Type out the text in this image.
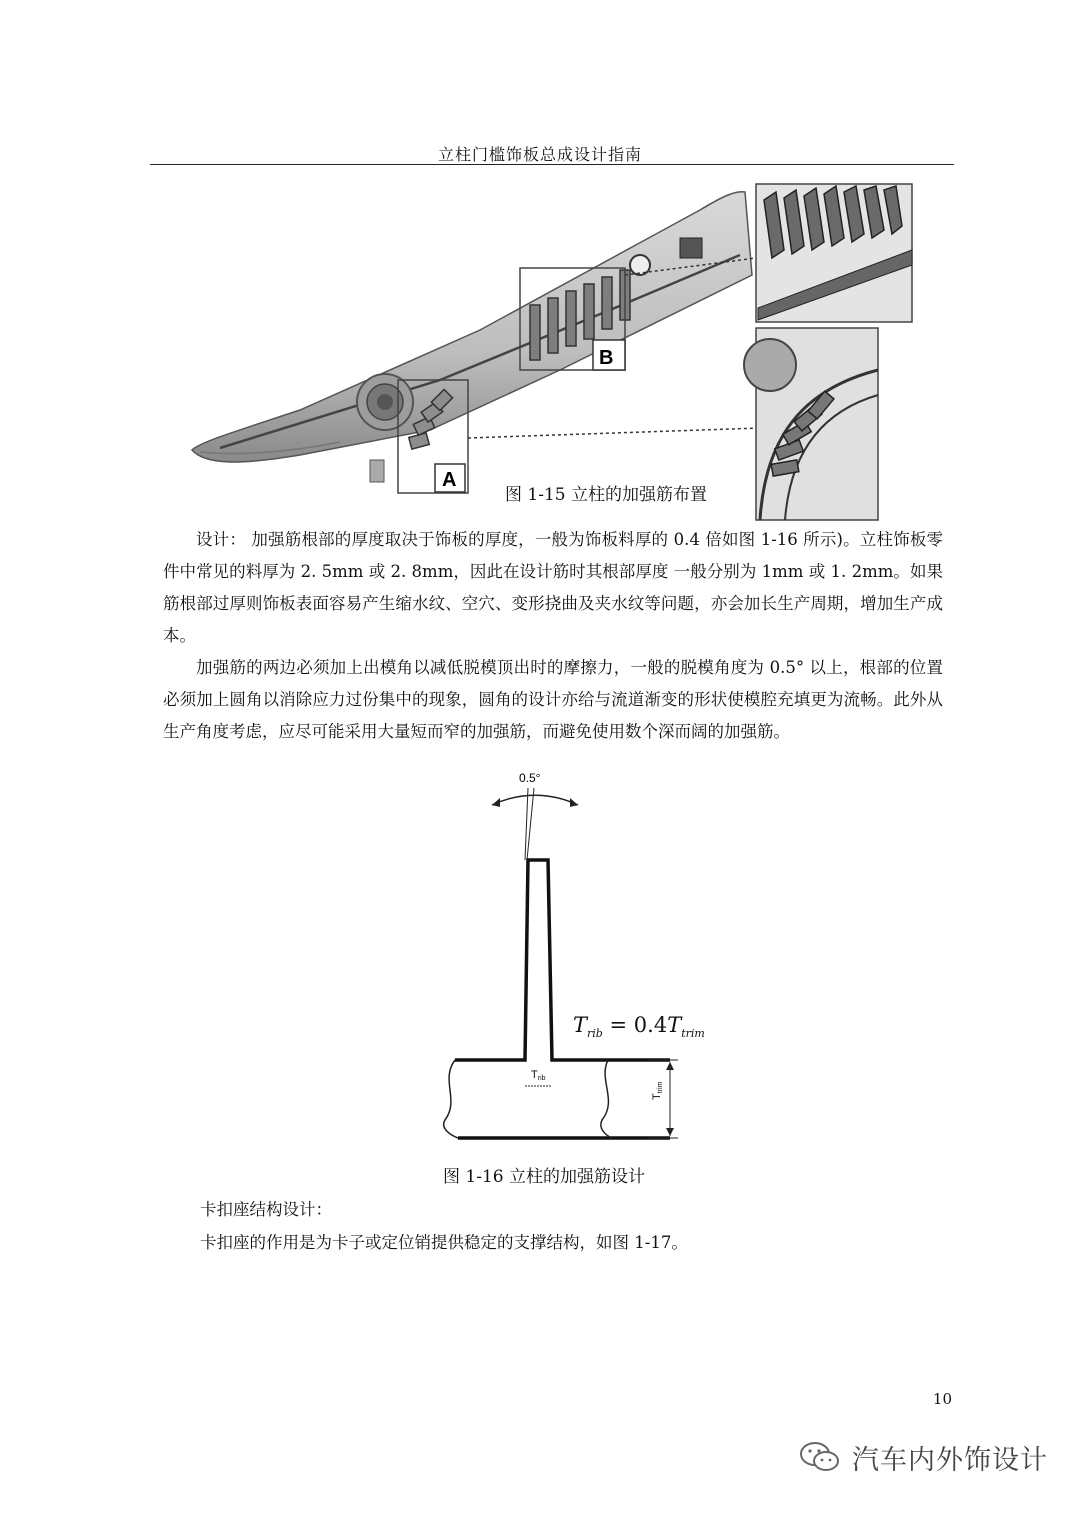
立柱门槛饰板总成设计指南
A
B
图 1-15 立柱的加强筋布置

设计： 加强筋根部的厚度取决于饰板的厚度，一般为饰板料厚的 0.4 倍如图 1-16 所示)。立柱饰板零件中常见的料厚为 2. 5mm 或 2. 8mm，因此在设计筋时其根部厚度 一般分别为 1mm 或 1. 2mm。如果筋根部过厚则饰板表面容易产生缩水纹、空穴、变形挠曲及夹水纹等问题，亦会加长生产周期，增加生产成本。

加强筋的两边必须加上出模角以减低脱模顶出时的摩擦力，一般的脱模角度为 0.5° 以上，根部的位置必须加上圆角以消除应力过份集中的现象，圆角的设计亦给与流道渐变的形状使模腔充填更为流畅。此外从生产角度考虑，应尽可能采用大量短而窄的加强筋，而避免使用数个深而阔的加强筋。

0.5°
$T_{rib} = 0.4T_{trim}$
Trib
Ttrim
图 1-16 立柱的加强筋设计
卡扣座结构设计：
卡扣座的作用是为卡子或定位销提供稳定的支撑结构，如图 1-17。
10
汽车内外饰设计
